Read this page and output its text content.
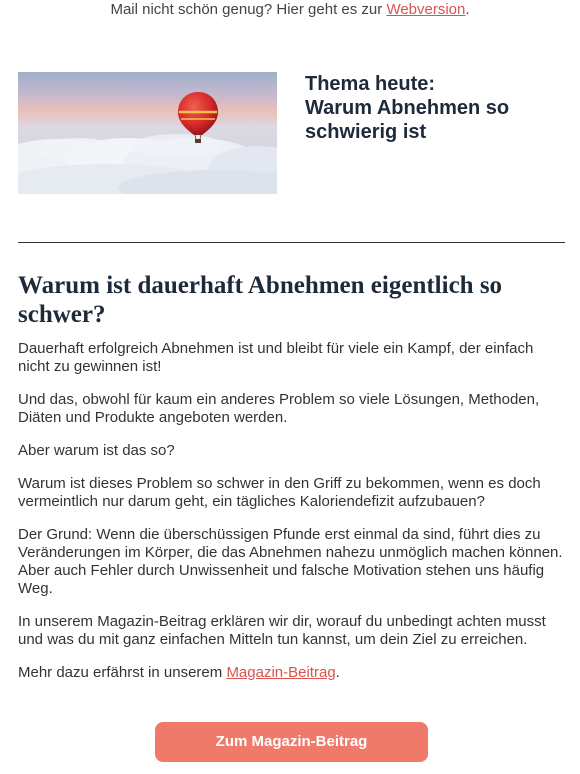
Mail nicht schön genug? Hier geht es zur Webversion.
Thema heute:
Warum Abnehmen so schwierig ist
Warum ist dauerhaft Abnehmen eigentlich so schwer?

Dauerhaft erfolgreich Abnehmen ist und bleibt für viele ein Kampf, der einfach nicht zu gewinnen ist!

Und das, obwohl für kaum ein anderes Problem so viele Lösungen, Methoden, Diäten und Produkte angeboten werden.

Aber warum ist das so?

Warum ist dieses Problem so schwer in den Griff zu bekommen, wenn es doch vermeintlich nur darum geht, ein tägliches Kaloriendefizit aufzubauen?

Der Grund: Wenn die überschüssigen Pfunde erst einmal da sind, führt dies zu Veränderungen im Körper, die das Abnehmen nahezu unmöglich machen können.
Aber auch Fehler durch Unwissenheit und falsche Motivation stehen uns häufig Weg.

In unserem Magazin-Beitrag erklären wir dir, worauf du unbedingt achten musst und was du mit ganz einfachen Mitteln tun kannst, um dein Ziel zu erreichen.

Mehr dazu erfährst in unserem Magazin-Beitrag.

Zum Magazin-Beitrag
